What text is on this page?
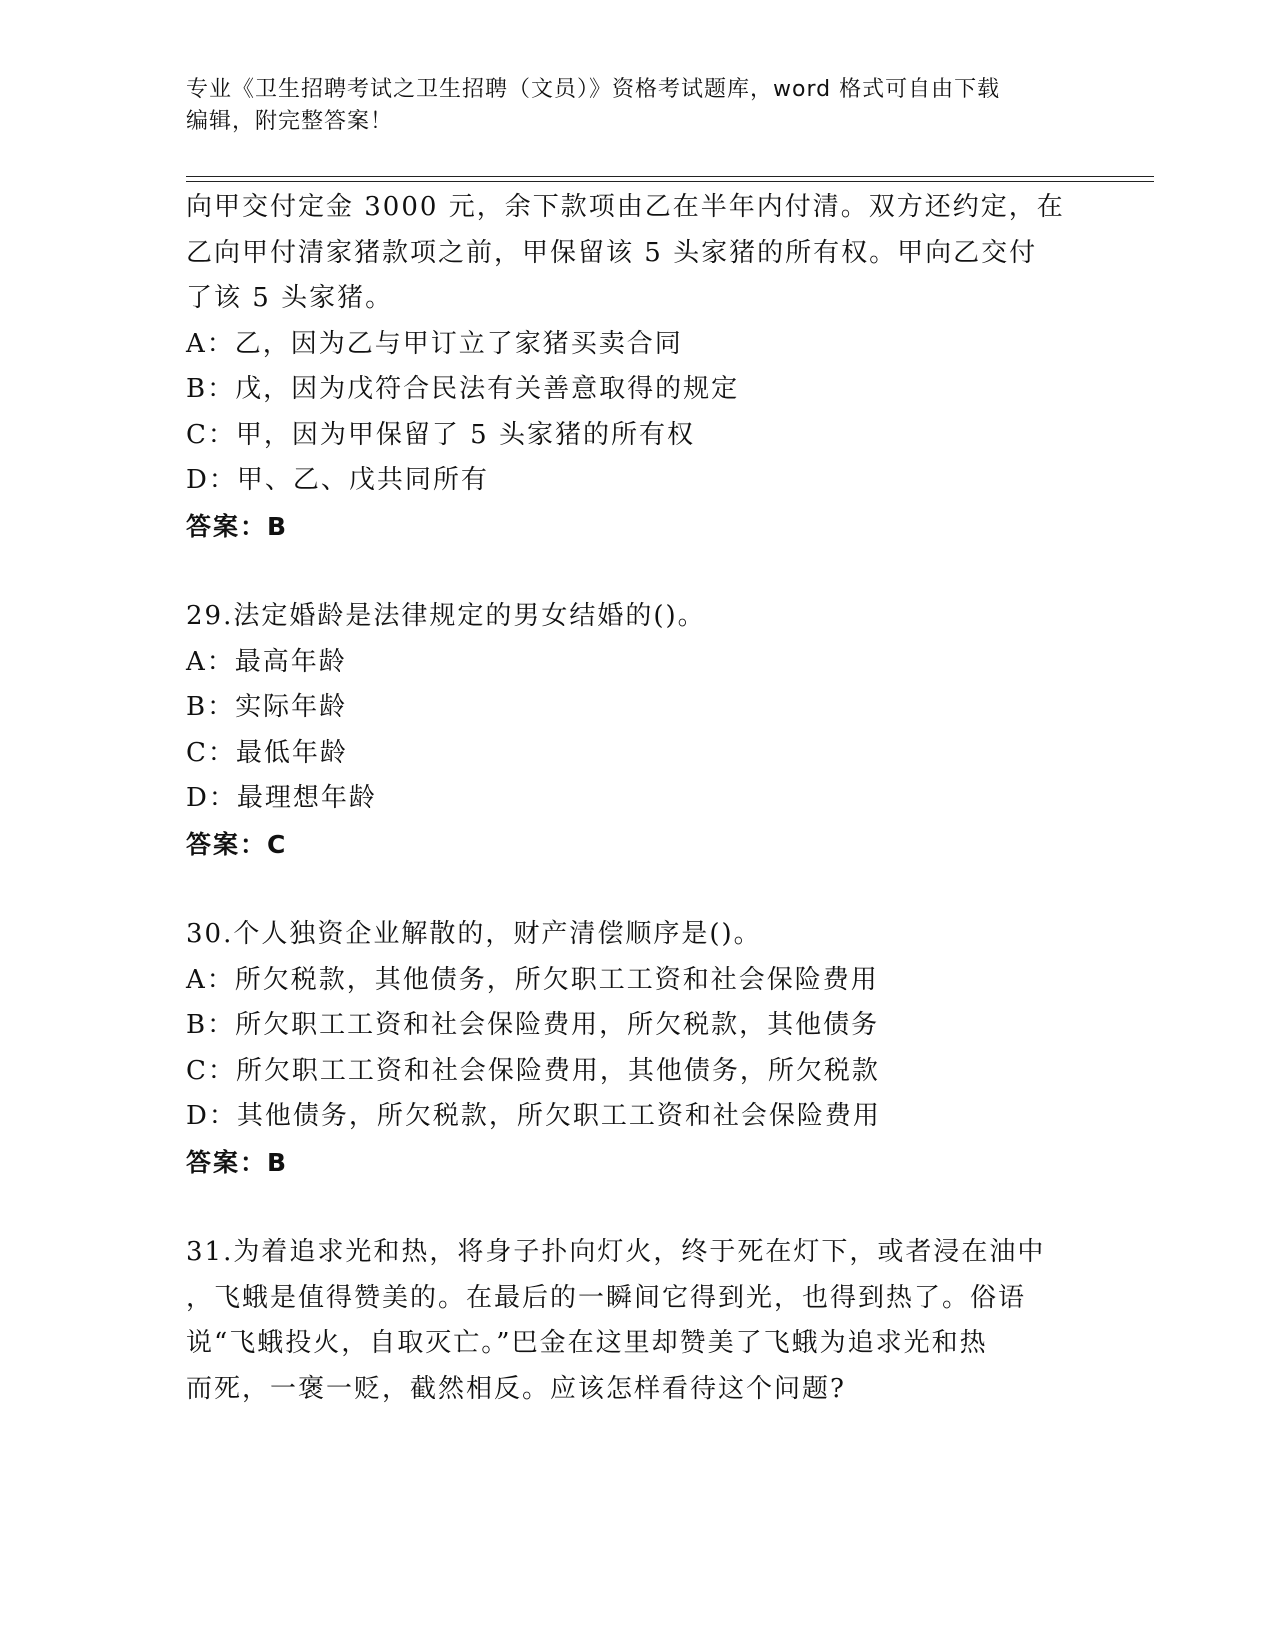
专业《卫生招聘考试之卫生招聘（文员）》资格考试题库，word 格式可自由下载
编辑，附完整答案！
向甲交付定金 3000 元，余下款项由乙在半年内付清。双方还约定，在
乙向甲付清家猪款项之前，甲保留该 5 头家猪的所有权。甲向乙交付
了该 5 头家猪。
A：乙，因为乙与甲订立了家猪买卖合同
B：戊，因为戊符合民法有关善意取得的规定
C：甲，因为甲保留了 5 头家猪的所有权
D：甲、乙、戊共同所有
答案：B
29.法定婚龄是法律规定的男女结婚的()。
A：最高年龄
B：实际年龄
C：最低年龄
D：最理想年龄
答案：C
30.个人独资企业解散的，财产清偿顺序是()。
A：所欠税款，其他债务，所欠职工工资和社会保险费用
B：所欠职工工资和社会保险费用，所欠税款，其他债务
C：所欠职工工资和社会保险费用，其他债务，所欠税款
D：其他债务，所欠税款，所欠职工工资和社会保险费用
答案：B
31.为着追求光和热，将身子扑向灯火，终于死在灯下，或者浸在油中
，飞蛾是值得赞美的。在最后的一瞬间它得到光，也得到热了。俗语
说“飞蛾投火，自取灭亡。”巴金在这里却赞美了飞蛾为追求光和热
而死，一褒一贬，截然相反。应该怎样看待这个问题?
